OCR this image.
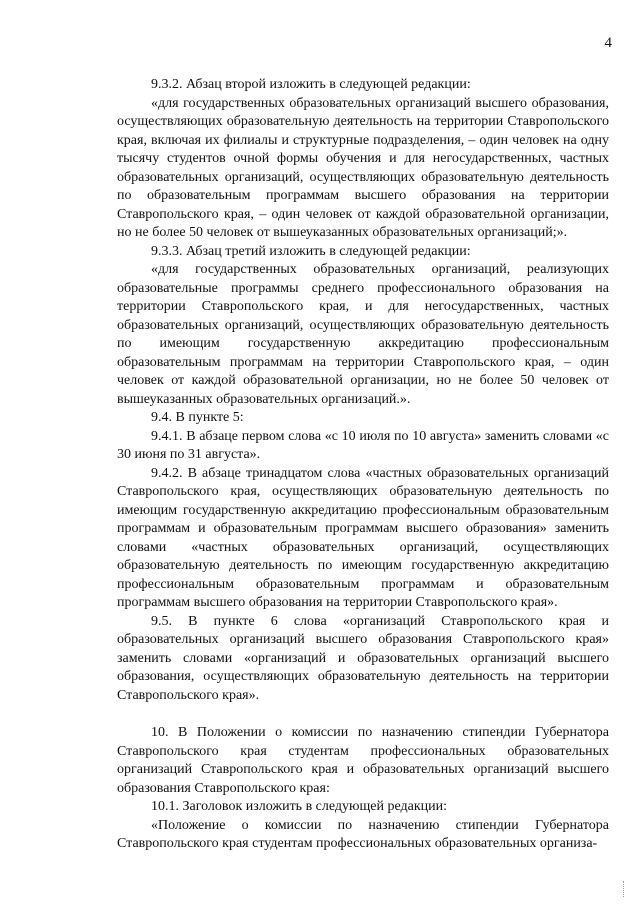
4

9.3.2. Абзац второй изложить в следующей редакции:

«для государственных образовательных организаций высшего образования, осуществляющих образовательную деятельность на территории Ставропольского края, включая их филиалы и структурные подразделения, – один человек на одну тысячу студентов очной формы обучения и для негосударственных, частных образовательных организаций, осуществляющих образовательную деятельность по образовательным программам высшего образования на территории Ставропольского края, – один человек от каждой образовательной организации, но не более 50 человек от вышеуказанных образовательных организаций;».

9.3.3. Абзац третий изложить в следующей редакции:

«для государственных образовательных организаций, реализующих образовательные программы среднего профессионального образования на территории Ставропольского края, и для негосударственных, частных образовательных организаций, осуществляющих образовательную деятельность по имеющим государственную аккредитацию профессиональным образовательным программам на территории Ставропольского края, – один человек от каждой образовательной организации, но не более 50 человек от вышеуказанных образовательных организаций.».

9.4. В пункте 5:

9.4.1. В абзаце первом слова «с 10 июля по 10 августа» заменить словами «с 30 июня по 31 августа».

9.4.2. В абзаце тринадцатом слова «частных образовательных организаций Ставропольского края, осуществляющих образовательную деятельность по имеющим государственную аккредитацию профессиональным образовательным программам и образовательным программам высшего образования» заменить словами «частных образовательных организаций, осуществляющих образовательную деятельность по имеющим государственную аккредитацию профессиональным образовательным программам и образовательным программам высшего образования на территории Ставропольского края».

9.5. В пункте 6 слова «организаций Ставропольского края и образовательных организаций высшего образования Ставропольского края» заменить словами «организаций и образовательных организаций высшего образования, осуществляющих образовательную деятельность на территории Ставропольского края».

10. В Положении о комиссии по назначению стипендии Губернатора Ставропольского края студентам профессиональных образовательных организаций Ставропольского края и образовательных организаций высшего образования Ставропольского края:

10.1. Заголовок изложить в следующей редакции:

«Положение о комиссии по назначению стипендии Губернатора Ставропольского края студентам профессиональных образовательных организа-
